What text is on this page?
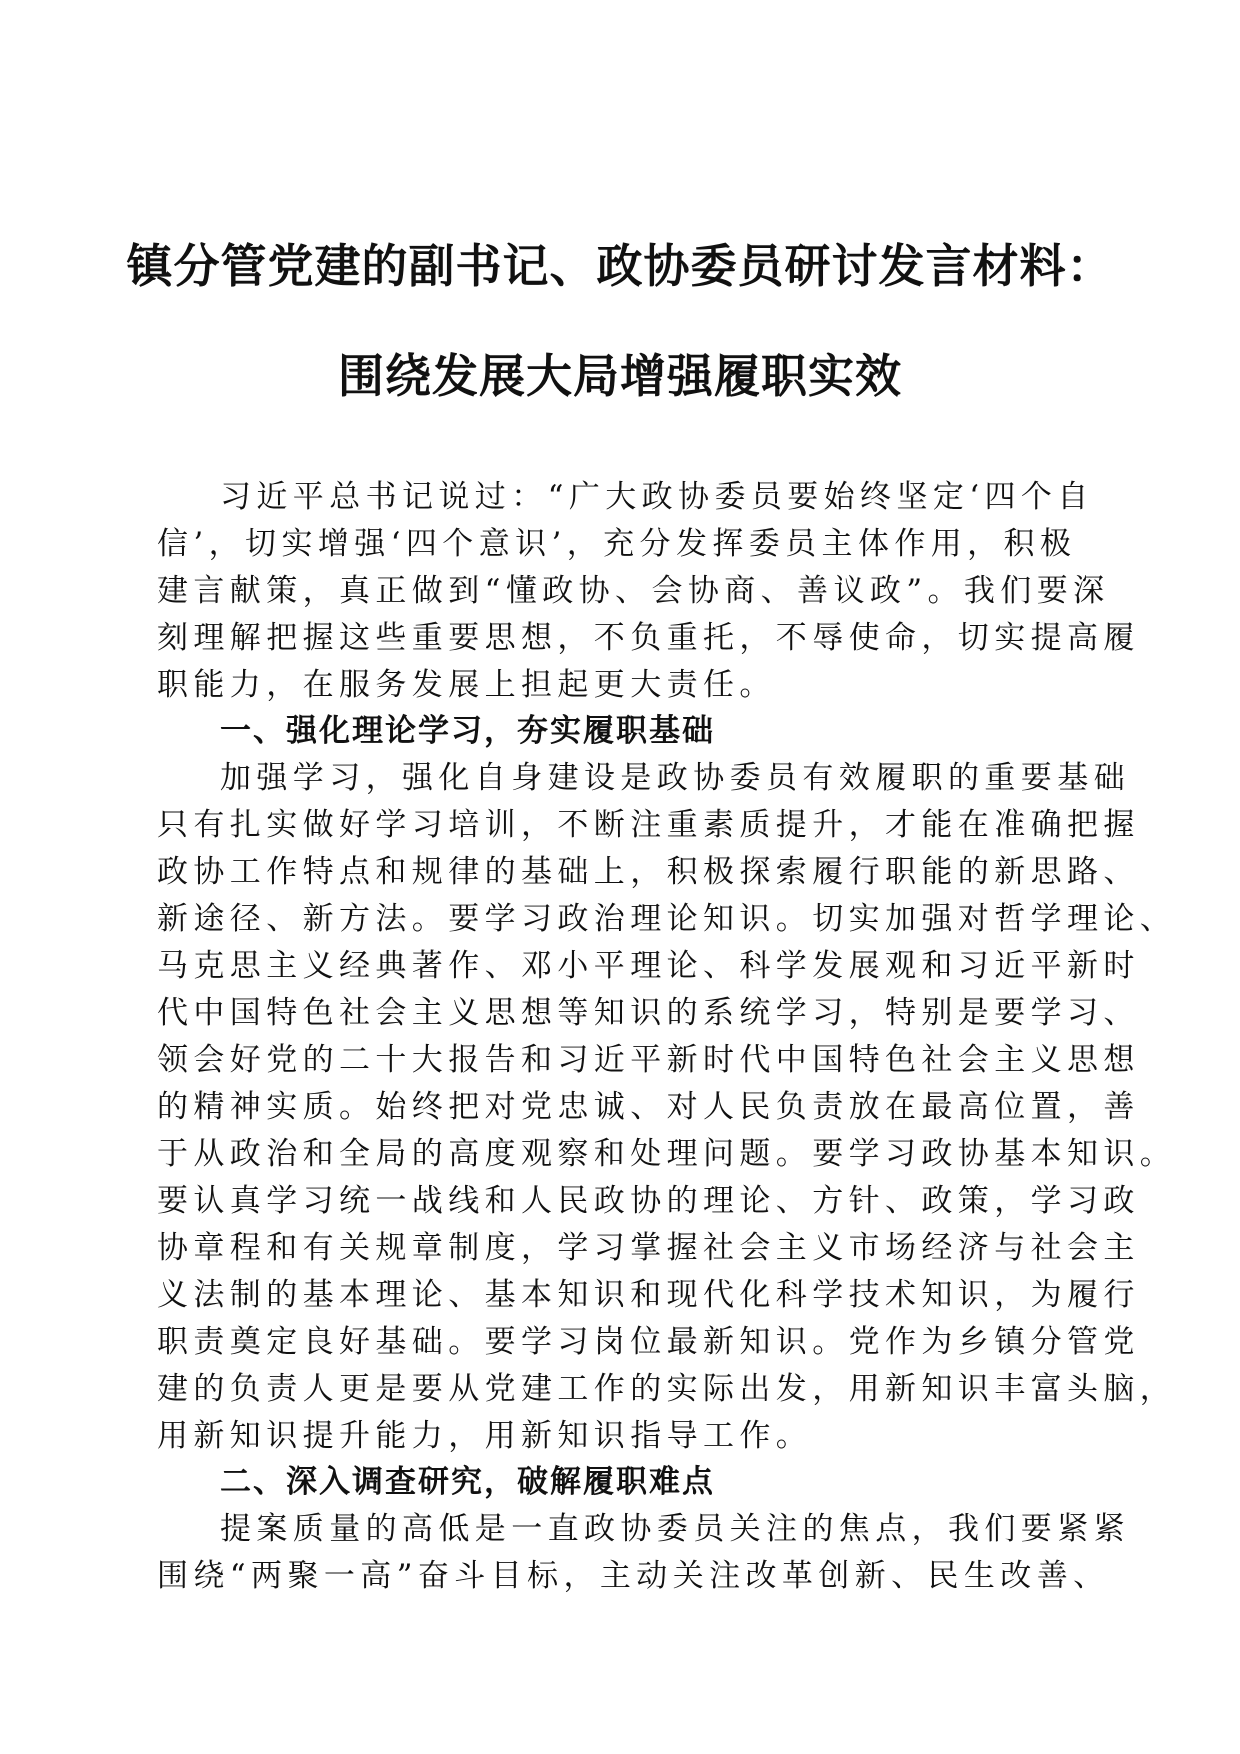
镇分管党建的副书记、政协委员研讨发言材料：
围绕发展大局增强履职实效
习近平总书记说过：“广大政协委员要始终坚定‘四个自
信’，切实增强‘四个意识’，充分发挥委员主体作用，积极
建言献策，真正做到“懂政协、会协商、善议政”。我们要深
刻理解把握这些重要思想，不负重托，不辱使命，切实提高履
职能力，在服务发展上担起更大责任。
一、强化理论学习，夯实履职基础
加强学习，强化自身建设是政协委员有效履职的重要基础
只有扎实做好学习培训，不断注重素质提升，才能在准确把握
政协工作特点和规律的基础上，积极探索履行职能的新思路、
新途径、新方法。要学习政治理论知识。切实加强对哲学理论、
马克思主义经典著作、邓小平理论、科学发展观和习近平新时
代中国特色社会主义思想等知识的系统学习，特别是要学习、
领会好党的二十大报告和习近平新时代中国特色社会主义思想
的精神实质。始终把对党忠诚、对人民负责放在最高位置，善
于从政治和全局的高度观察和处理问题。要学习政协基本知识。
要认真学习统一战线和人民政协的理论、方针、政策，学习政
协章程和有关规章制度，学习掌握社会主义市场经济与社会主
义法制的基本理论、基本知识和现代化科学技术知识，为履行
职责奠定良好基础。要学习岗位最新知识。党作为乡镇分管党
建的负责人更是要从党建工作的实际出发，用新知识丰富头脑，
用新知识提升能力，用新知识指导工作。
二、深入调查研究，破解履职难点
提案质量的高低是一直政协委员关注的焦点，我们要紧紧
围绕“两聚一高”奋斗目标，主动关注改革创新、民生改善、
